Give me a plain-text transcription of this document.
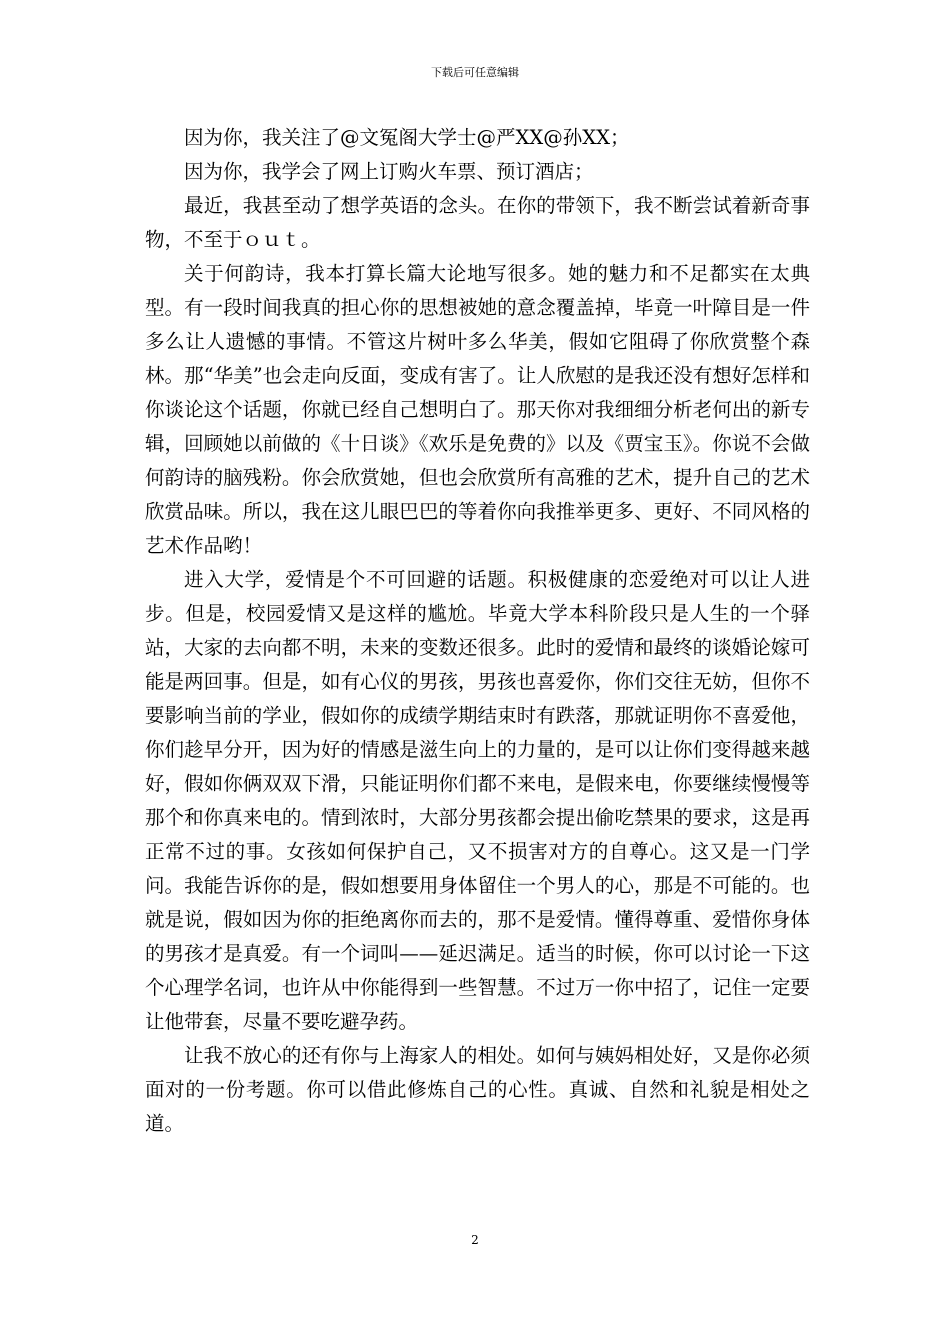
下载后可任意编辑

因为你，我关注了@文冤阁大学士@严XX@孙XX；

因为你，我学会了网上订购火车票、预订酒店；

最近，我甚至动了想学英语的念头。在你的带领下，我不断尝试着新奇事物，不至于ｏｕｔ。

关于何韵诗，我本打算长篇大论地写很多。她的魅力和不足都实在太典型。有一段时间我真的担心你的思想被她的意念覆盖掉，毕竟一叶障目是一件多么让人遗憾的事情。不管这片树叶多么华美，假如它阻碍了你欣赏整个森林。那“华美”也会走向反面，变成有害了。让人欣慰的是我还没有想好怎样和你谈论这个话题，你就已经自己想明白了。那天你对我细细分析老何出的新专辑，回顾她以前做的《十日谈》《欢乐是免费的》以及《贾宝玉》。你说不会做何韵诗的脑残粉。你会欣赏她，但也会欣赏所有高雅的艺术，提升自己的艺术欣赏品味。所以，我在这儿眼巴巴的等着你向我推举更多、更好、不同风格的艺术作品哟！

进入大学，爱情是个不可回避的话题。积极健康的恋爱绝对可以让人进步。但是，校园爱情又是这样的尴尬。毕竟大学本科阶段只是人生的一个驿站，大家的去向都不明，未来的变数还很多。此时的爱情和最终的谈婚论嫁可能是两回事。但是，如有心仪的男孩，男孩也喜爱你，你们交往无妨，但你不要影响当前的学业，假如你的成绩学期结束时有跌落，那就证明你不喜爱他，你们趁早分开，因为好的情感是滋生向上的力量的，是可以让你们变得越来越好，假如你俩双双下滑，只能证明你们都不来电，是假来电，你要继续慢慢等那个和你真来电的。情到浓时，大部分男孩都会提出偷吃禁果的要求，这是再正常不过的事。女孩如何保护自己，又不损害对方的自尊心。这又是一门学问。我能告诉你的是，假如想要用身体留住一个男人的心，那是不可能的。也就是说，假如因为你的拒绝离你而去的，那不是爱情。懂得尊重、爱惜你身体的男孩才是真爱。有一个词叫——延迟满足。适当的时候，你可以讨论一下这个心理学名词，也许从中你能得到一些智慧。不过万一你中招了，记住一定要让他带套，尽量不要吃避孕药。

让我不放心的还有你与上海家人的相处。如何与姨妈相处好，又是你必须面对的一份考题。你可以借此修炼自己的心性。真诚、自然和礼貌是相处之道。

2
